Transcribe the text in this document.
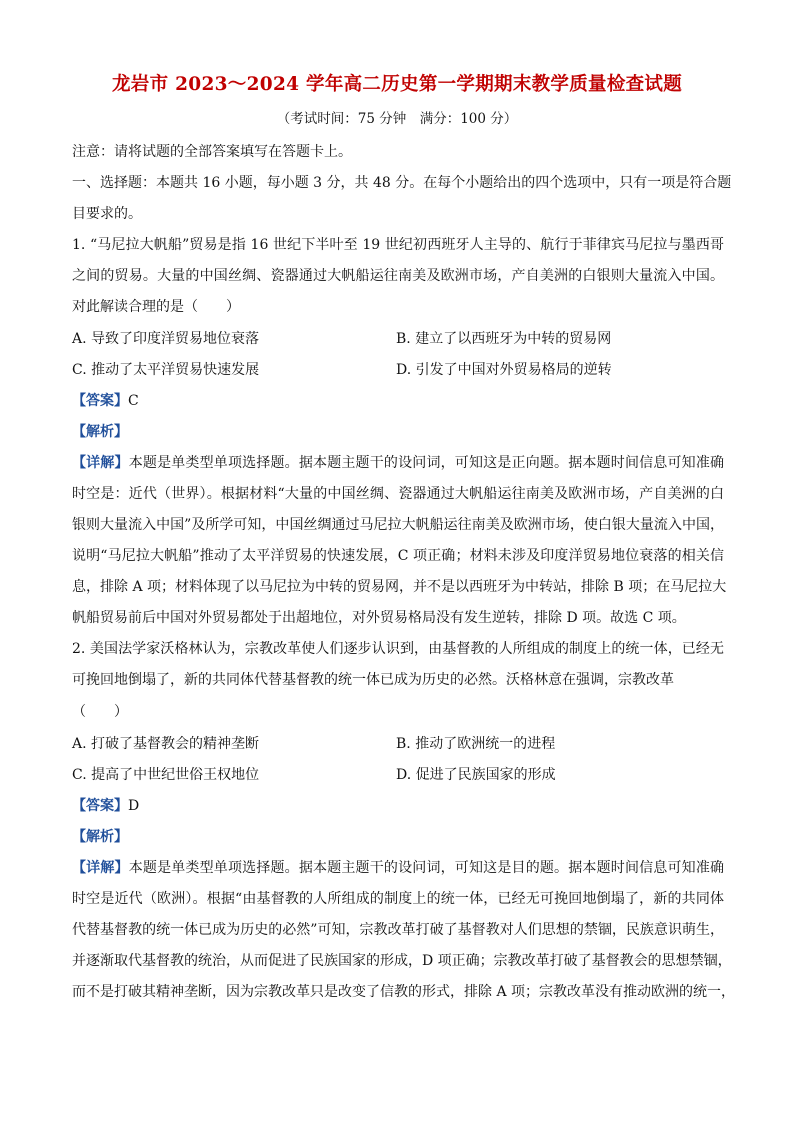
龙岩市 2023～2024 学年高二历史第一学期期末教学质量检查试题
（考试时间：75 分钟　满分：100 分）
注意：请将试题的全部答案填写在答题卡上。
一、选择题：本题共 16 小题，每小题 3 分，共 48 分。在每个小题给出的四个选项中，只有一项是符合题
目要求的。
1. “马尼拉大帆船”贸易是指 16 世纪下半叶至 19 世纪初西班牙人主导的、航行于菲律宾马尼拉与墨西哥
之间的贸易。大量的中国丝绸、瓷器通过大帆船运往南美及欧洲市场，产自美洲的白银则大量流入中国。
对此解读合理的是（　　）
A. 导致了印度洋贸易地位衰落	B. 建立了以西班牙为中转的贸易网
C. 推动了太平洋贸易快速发展	D. 引发了中国对外贸易格局的逆转
【答案】C
【解析】
【详解】本题是单类型单项选择题。据本题主题干的设问词，可知这是正向题。据本题时间信息可知准确
时空是：近代（世界）。根据材料“大量的中国丝绸、瓷器通过大帆船运往南美及欧洲市场，产自美洲的白
银则大量流入中国”及所学可知，中国丝绸通过马尼拉大帆船运往南美及欧洲市场，使白银大量流入中国，
说明“马尼拉大帆船”推动了太平洋贸易的快速发展，C 项正确；材料未涉及印度洋贸易地位衰落的相关信
息，排除 A 项；材料体现了以马尼拉为中转的贸易网，并不是以西班牙为中转站，排除 B 项；在马尼拉大
帆船贸易前后中国对外贸易都处于出超地位，对外贸易格局没有发生逆转，排除 D 项。故选 C 项。
2. 美国法学家沃格林认为，宗教改革使人们逐步认识到，由基督教的人所组成的制度上的统一体，已经无
可挽回地倒塌了，新的共同体代替基督教的统一体已成为历史的必然。沃格林意在强调，宗教改革
（　　）
A. 打破了基督教会的精神垄断	B. 推动了欧洲统一的进程
C. 提高了中世纪世俗王权地位	D. 促进了民族国家的形成
【答案】D
【解析】
【详解】本题是单类型单项选择题。据本题主题干的设问词，可知这是目的题。据本题时间信息可知准确
时空是近代（欧洲）。根据“由基督教的人所组成的制度上的统一体，已经无可挽回地倒塌了，新的共同体
代替基督教的统一体已成为历史的必然”可知，宗教改革打破了基督教对人们思想的禁锢，民族意识萌生，
并逐渐取代基督教的统治，从而促进了民族国家的形成，D 项正确；宗教改革打破了基督教会的思想禁锢，
而不是打破其精神垄断，因为宗教改革只是改变了信教的形式，排除 A 项；宗教改革没有推动欧洲的统一，
